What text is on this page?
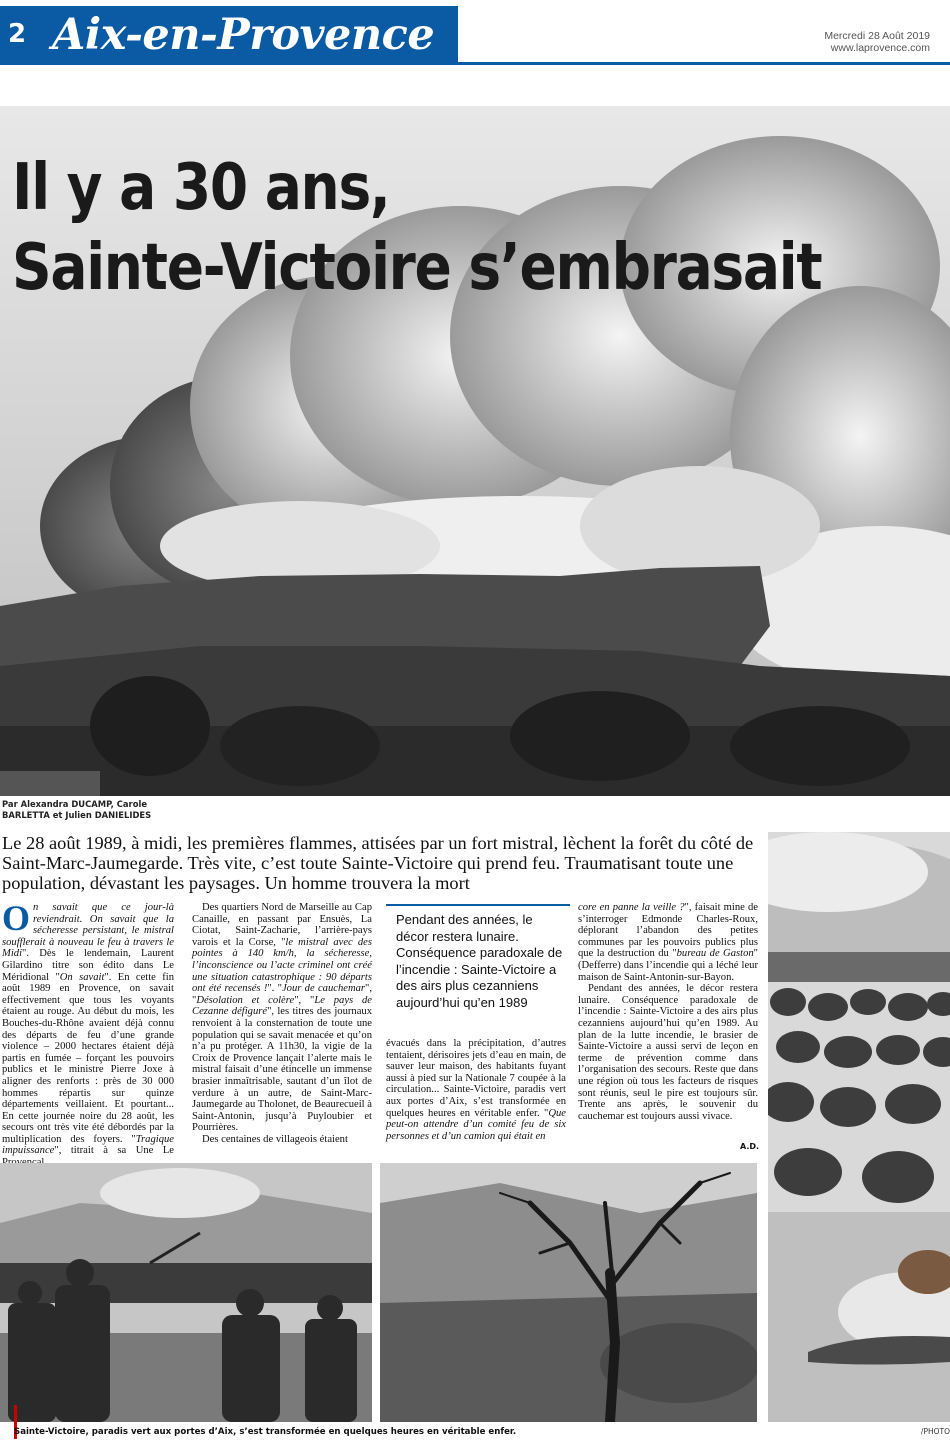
2 Aix-en-Provence	Mercredi 28 Août 2019
www.laprovence.com
Il y a 30 ans,
Sainte-Victoire s’embrasait
Par Alexandra DUCAMP, Carole
BARLETTA et Julien DANIELIDES
Le 28 août 1989, à midi, les premières flammes, attisées par un fort mistral, lèchent la forêt du côté de Saint-Marc-Jaumegarde. Très vite, c’est toute Sainte-Victoire qui prend feu. Traumatisant toute une population, dévastant les paysages. Un homme trouvera la mort

On savait que ce jour-là reviendrait. On savait que la sécheresse persistant, le mistral soufflerait à nouveau le feu à travers le Midi". Dès le lendemain, Laurent Gilardino titre son édito dans Le Méridional "On savait". En cette fin août 1989 en Provence, on savait effectivement que tous les voyants étaient au rouge. Au début du mois, les Bouches-du-Rhône avaient déjà connu des départs de feu d’une grande violence – 2000 hectares étaient déjà partis en fumée – forçant les pouvoirs publics et le ministre Pierre Joxe à aligner des renforts : près de 30 000 hommes répartis sur quinze départements veillaient. Et pourtant... En cette journée noire du 28 août, les secours ont très vite été débordés par la multiplication des foyers. "Tragique impuissance", titrait à sa Une Le

Des quartiers Nord de Marseille au Cap Canaille, en passant par Ensuès, La Ciotat, Saint-Zacharie, l’arrière-pays varois et la Corse, "le mistral avec des pointes à 140 km/h, la sécheresse, l’inconscience ou l’acte criminel ont créé une situation catastrophique : 90 départs ont été recensés !". "Jour de cauchemar", "Désolation et colère", "Le pays de Cezanne défiguré", les titres des journaux renvoient à la consternation de toute une population qui se savait menacée et qu’on n’a pu protéger. A 11h30, la vigie de la Croix de Provence lançait l’alerte mais le mistral faisait d’une étincelle un immense brasier inmaîtrisable, sautant d’un îlot de verdure à un autre, de Saint-Marc-Jaumegarde au Tholonet, de Beaurecueil à Saint-Antonin, jusqu’à Puyloubier et Pourrières.

Des centaines de villageois étaient

Pendant des années, le décor restera lunaire. Conséquence paradoxale de l’incendie : Sainte-Victoire a des airs plus cezanniens aujourd’hui qu’en 1989

évacués dans la précipitation, d’autres tentaient, dérisoires jets d’eau en main, de sauver leur maison, des habitants fuyant aussi à pied sur la Nationale 7 coupée à la circulation... Sainte-Victoire, paradis vert aux portes d’Aix, s’est transformée en quelques heures en véritable enfer. "Que peut-on attendre d’un comité feu de six personnes et d’un camion qui était en

core en panne la veille ?", faisait mine de s’interroger Edmonde Charles-Roux, déplorant l’abandon des petites communes par les pouvoirs publics plus que la destruction du "bureau de Gaston" (Defferre) dans l’incendie qui a léché leur maison de Saint-Antonin-sur-Bayon.

Pendant des années, le décor restera lunaire. Conséquence paradoxale de l’incendie : Sainte-Victoire a des airs plus cezanniens aujourd’hui qu’en 1989. Au plan de la lutte incendie, le brasier de Sainte-Victoire a aussi servi de leçon en terme de prévention comme dans l’organisation des secours. Reste que dans une région où tous les facteurs de risques sont réunis, seul le pire est toujours sûr. Trente ans après, le souvenir du cauchemar est toujours aussi vivace.

A.D.
Sainte-Victoire, paradis vert aux portes d’Aix, s’est transformée en quelques heures en véritable enfer.	/PHOTO
